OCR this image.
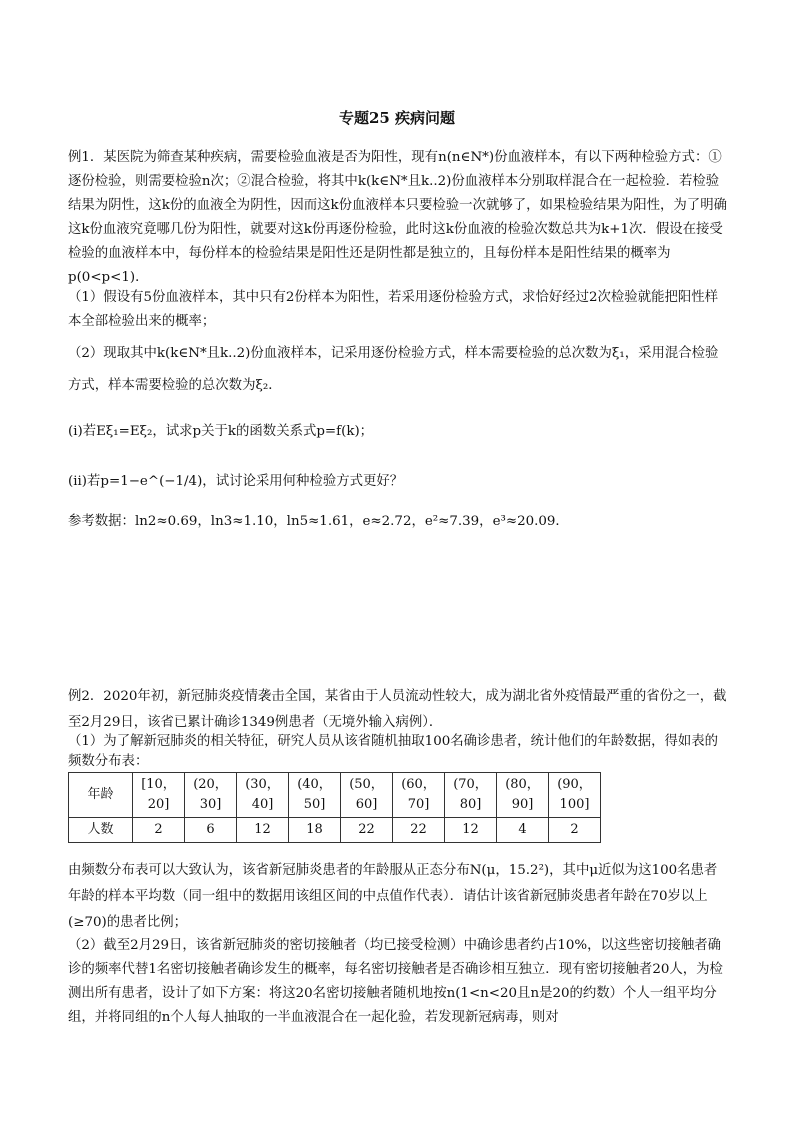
专题25 疾病问题

例1．某医院为筛查某种疾病，需要检验血液是否为阳性，现有n(n∈N*)份血液样本，有以下两种检验方式：①逐份检验，则需要检验n次；②混合检验，将其中k(k∈N*且k..2)份血液样本分别取样混合在一起检验．若检验结果为阴性，这k份的血液全为阴性，因而这k份血液样本只要检验一次就够了，如果检验结果为阳性，为了明确这k份血液究竟哪几份为阳性，就要对这k份再逐份检验，此时这k份血液的检验次数总共为k+1次．假设在接受检验的血液样本中，每份样本的检验结果是阳性还是阴性都是独立的，且每份样本是阳性结果的概率为p(0<p<1)．

（1）假设有5份血液样本，其中只有2份样本为阳性，若采用逐份检验方式，求恰好经过2次检验就能把阳性样本全部检验出来的概率；

（2）现取其中k(k∈N*且k..2)份血液样本，记采用逐份检验方式，样本需要检验的总次数为ξ₁，采用混合检验方式，样本需要检验的总次数为ξ₂．

(i)若Eξ₁=Eξ₂，试求p关于k的函数关系式p=f(k)；

(ii)若p=1−e^(−1/4)，试讨论采用何种检验方式更好？

参考数据：ln2≈0.69，ln3≈1.10，ln5≈1.61，e≈2.72，e²≈7.39，e³≈20.09．

例2．2020年初，新冠肺炎疫情袭击全国，某省由于人员流动性较大，成为湖北省外疫情最严重的省份之一，截至2月29日，该省已累计确诊1349例患者（无境外输入病例）．

（1）为了解新冠肺炎的相关特征，研究人员从该省随机抽取100名确诊患者，统计他们的年龄数据，得如表的频数分布表：

年龄	[10，20]	(20，30]	(30，40]	(40，50]	(50，60]	(60，70]	(70，80]	(80，90]	(90，100]
人数	2	6	12	18	22	22	12	4	2

由频数分布表可以大致认为，该省新冠肺炎患者的年龄服从正态分布N(μ，15.2²)，其中μ近似为这100名患者年龄的样本平均数（同一组中的数据用该组区间的中点值作代表）．请估计该省新冠肺炎患者年龄在70岁以上(≥70)的患者比例；

（2）截至2月29日，该省新冠肺炎的密切接触者（均已接受检测）中确诊患者约占10%，以这些密切接触者确诊的频率代替1名密切接触者确诊发生的概率，每名密切接触者是否确诊相互独立．现有密切接触者20人，为检测出所有患者，设计了如下方案：将这20名密切接触者随机地按n(1<n<20且n是20的约数）个人一组平均分组，并将同组的n个人每人抽取的一半血液混合在一起化验，若发现新冠病毒，则对
